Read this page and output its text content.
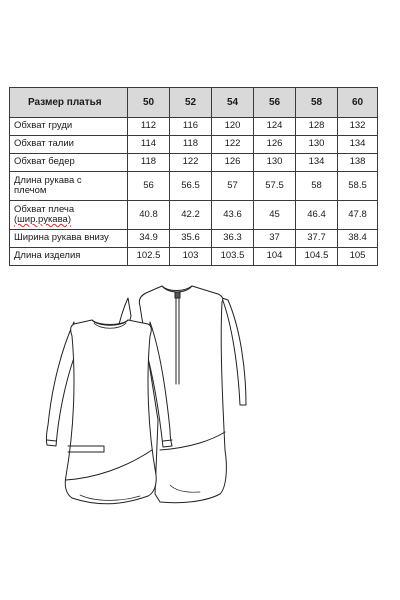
Размер платья	50	52	54	56	58	60
Обхват груди	112	116	120	124	128	132
Обхват талии	114	118	122	126	130	134
Обхват бедер	118	122	126	130	134	138
Длина рукава с
плечом	56	56.5	57	57.5	58	58.5
Обхват плеча
(шир.рукава)	40.8	42.2	43.6	45	46.4	47.8
Ширина рукава внизу	34.9	35.6	36.3	37	37.7	38.4
Длина изделия	102.5	103	103.5	104	104.5	105
